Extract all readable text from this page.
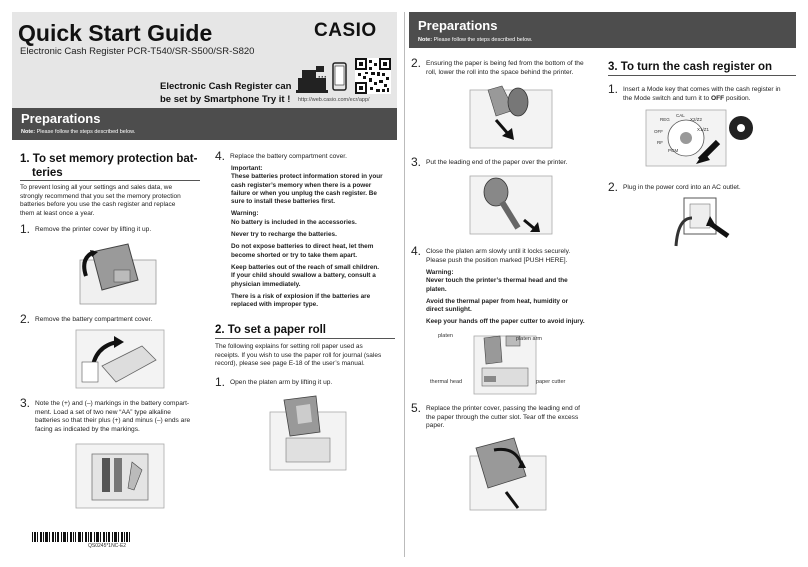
Quick Start Guide
Electronic Cash Register PCR-T540/SR-S500/SR-S820
CASIO
Electronic Cash Register can
be set by Smartphone Try it !
···
http://web.casio.com/ecr/app/
Preparations
Note: Please follow the steps described below.
1. To set memory protection bat-
teries
To prevent losing all your settings and sales data, we
strongly recommend that you set the memory protection
batteries before you use the cash register and replace
them at least once a year.
1. Remove the printer cover by lifting it up.
2. Remove the battery compartment cover.
3. Note the (+) and (–) markings in the battery compart-
ment. Load a set of two new “AA” type alkaline
batteries so that their plus (+) and minus (–) ends are
facing as indicated by the markings.
QS0245*1NC-E2
4. Replace the battery compartment cover.
Important:
These batteries protect information stored in your
cash register’s memory when there is a power
failure or when you unplug the cash register. Be
sure to install these batteries first.
Warning:
No battery is included in the accessories.
Never try to recharge the batteries.
Do not expose batteries to direct heat, let them
become shorted or try to take them apart.
Keep batteries out of the reach of small children.
If your child should swallow a battery, consult a
physician immediately.
There is a risk of explosion if the batteries are
replaced with improper type.
2. To set a paper roll
The following explains for setting roll paper used as
receipts. If you wish to use the paper roll for journal (sales
record), please see page E-18 of the user’s manual.
1. Open the platen arm by lifting it up.
Preparations
Note: Please follow the steps described below.
2. Ensuring the paper is being fed from the bottom of the
roll, lower the roll into the space behind the printer.
3. Put the leading end of the paper over the printer.
4. Close the platen arm slowly until it locks securely.
Please push the position marked [PUSH HERE].
Warning:
Never touch the printer’s thermal head and the
platen.
Avoid the thermal paper from heat, humidity or
direct sunlight.
Keep your hands off the paper cutter to avoid injury.
platen	platen arm
thermal head	paper cutter
5. Replace the printer cover, passing the leading end of
the paper through the cutter slot. Tear off the excess
paper.
3. To turn the cash register on
1. Insert a Mode key that comes with the cash register in
the Mode switch and turn it to OFF position.
REG
CAL
X2/Z2
X1/Z1
OFF
RF
PGM
2. Plug in the power cord into an AC outlet.
